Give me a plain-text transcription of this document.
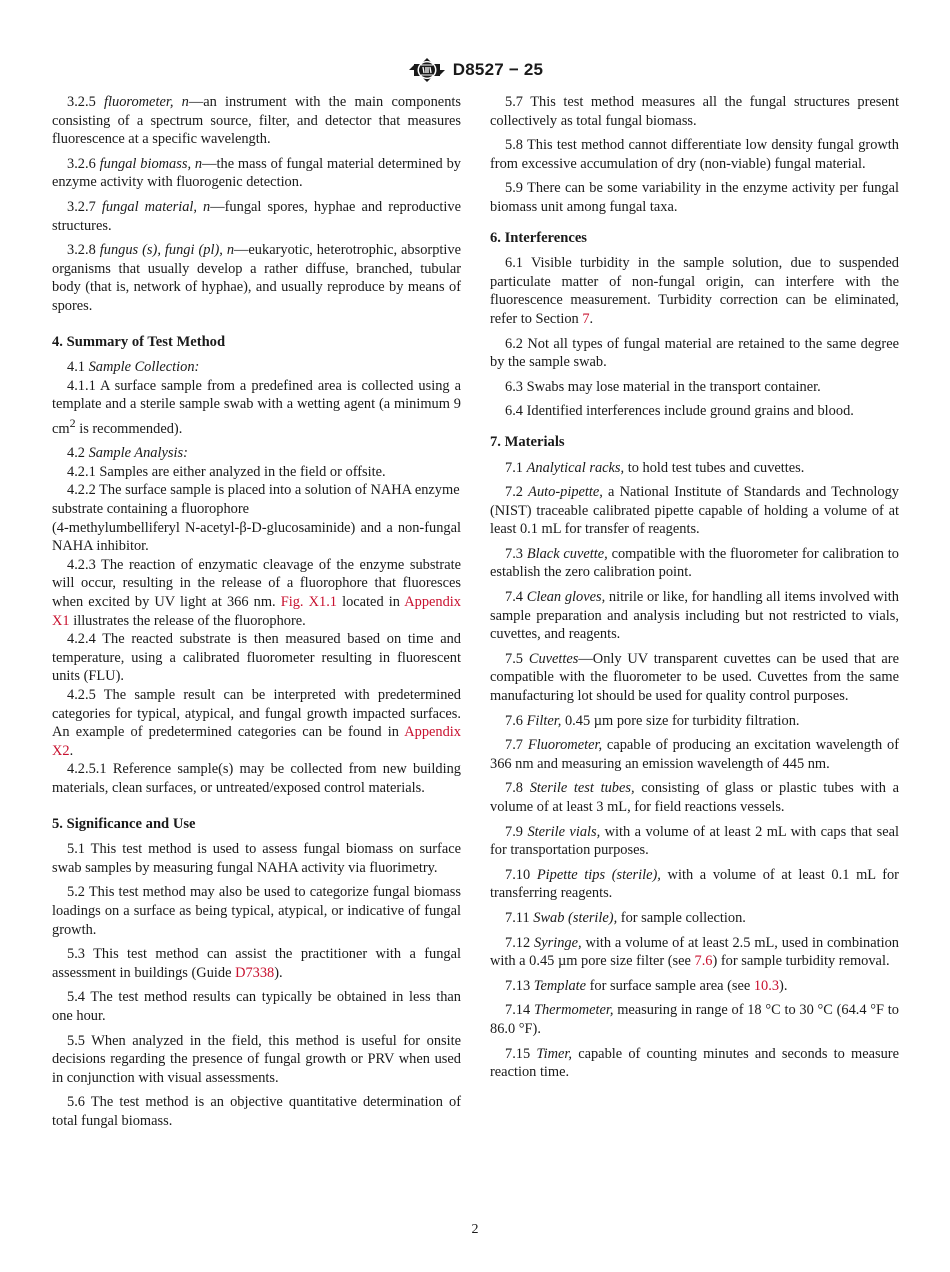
D8527 − 25

3.2.5 fluorometer, n—an instrument with the main components consisting of a spectrum source, filter, and detector that measures fluorescence at a specific wavelength.

3.2.6 fungal biomass, n—the mass of fungal material determined by enzyme activity with fluorogenic detection.

3.2.7 fungal material, n—fungal spores, hyphae and reproductive structures.

3.2.8 fungus (s), fungi (pl), n—eukaryotic, heterotrophic, absorptive organisms that usually develop a rather diffuse, branched, tubular body (that is, network of hyphae), and usually reproduce by means of spores.

4. Summary of Test Method

4.1 Sample Collection:

4.1.1 A surface sample from a predefined area is collected using a template and a sterile sample swab with a wetting agent (a minimum 9 $cm^2$ is recommended).

4.2 Sample Analysis:

4.2.1 Samples are either analyzed in the field or offsite.

4.2.2 The surface sample is placed into a solution of NAHA enzyme substrate containing a fluorophore

(4-methylumbelliferyl N-acetyl-β-D-glucosaminide) and a non-fungal NAHA inhibitor.

4.2.3 The reaction of enzymatic cleavage of the enzyme substrate will occur, resulting in the release of a fluorophore that fluoresces when excited by UV light at 366 nm. Fig. X1.1 located in Appendix X1 illustrates the release of the fluorophore.

4.2.4 The reacted substrate is then measured based on time and temperature, using a calibrated fluorometer resulting in fluorescent units (FLU).

4.2.5 The sample result can be interpreted with predetermined categories for typical, atypical, and fungal growth impacted surfaces. An example of predetermined categories can be found in Appendix X2.

4.2.5.1 Reference sample(s) may be collected from new building materials, clean surfaces, or untreated/exposed control materials.

5. Significance and Use

5.1 This test method is used to assess fungal biomass on surface swab samples by measuring fungal NAHA activity via fluorimetry.

5.2 This test method may also be used to categorize fungal biomass loadings on a surface as being typical, atypical, or indicative of fungal growth.

5.3 This test method can assist the practitioner with a fungal assessment in buildings (Guide D7338).

5.4 The test method results can typically be obtained in less than one hour.

5.5 When analyzed in the field, this method is useful for onsite decisions regarding the presence of fungal growth or PRV when used in conjunction with visual assessments.

5.6 The test method is an objective quantitative determination of total fungal biomass.

5.7 This test method measures all the fungal structures present collectively as total fungal biomass.

5.8 This test method cannot differentiate low density fungal growth from excessive accumulation of dry (non-viable) fungal material.

5.9 There can be some variability in the enzyme activity per fungal biomass unit among fungal taxa.

6. Interferences

6.1 Visible turbidity in the sample solution, due to suspended particulate matter of non-fungal origin, can interfere with the fluorescence measurement. Turbidity correction can be eliminated, refer to Section 7.

6.2 Not all types of fungal material are retained to the same degree by the sample swab.

6.3 Swabs may lose material in the transport container.

6.4 Identified interferences include ground grains and blood.

7. Materials

7.1 Analytical racks, to hold test tubes and cuvettes.

7.2 Auto-pipette, a National Institute of Standards and Technology (NIST) traceable calibrated pipette capable of holding a volume of at least 0.1 mL for transfer of reagents.

7.3 Black cuvette, compatible with the fluorometer for calibration to establish the zero calibration point.

7.4 Clean gloves, nitrile or like, for handling all items involved with sample preparation and analysis including but not restricted to vials, cuvettes, and reagents.

7.5 Cuvettes—Only UV transparent cuvettes can be used that are compatible with the fluorometer to be used. Cuvettes from the same manufacturing lot should be used for quality control purposes.

7.6 Filter, 0.45 µm pore size for turbidity filtration.

7.7 Fluorometer, capable of producing an excitation wavelength of 366 nm and measuring an emission wavelength of 445 nm.

7.8 Sterile test tubes, consisting of glass or plastic tubes with a volume of at least 3 mL, for field reactions vessels.

7.9 Sterile vials, with a volume of at least 2 mL with caps that seal for transportation purposes.

7.10 Pipette tips (sterile), with a volume of at least 0.1 mL for transferring reagents.

7.11 Swab (sterile), for sample collection.

7.12 Syringe, with a volume of at least 2.5 mL, used in combination with a 0.45 µm pore size filter (see 7.6) for sample turbidity removal.

7.13 Template for surface sample area (see 10.3).

7.14 Thermometer, measuring in range of 18 °C to 30 °C (64.4 °F to 86.0 °F).

7.15 Timer, capable of counting minutes and seconds to measure reaction time.

2
